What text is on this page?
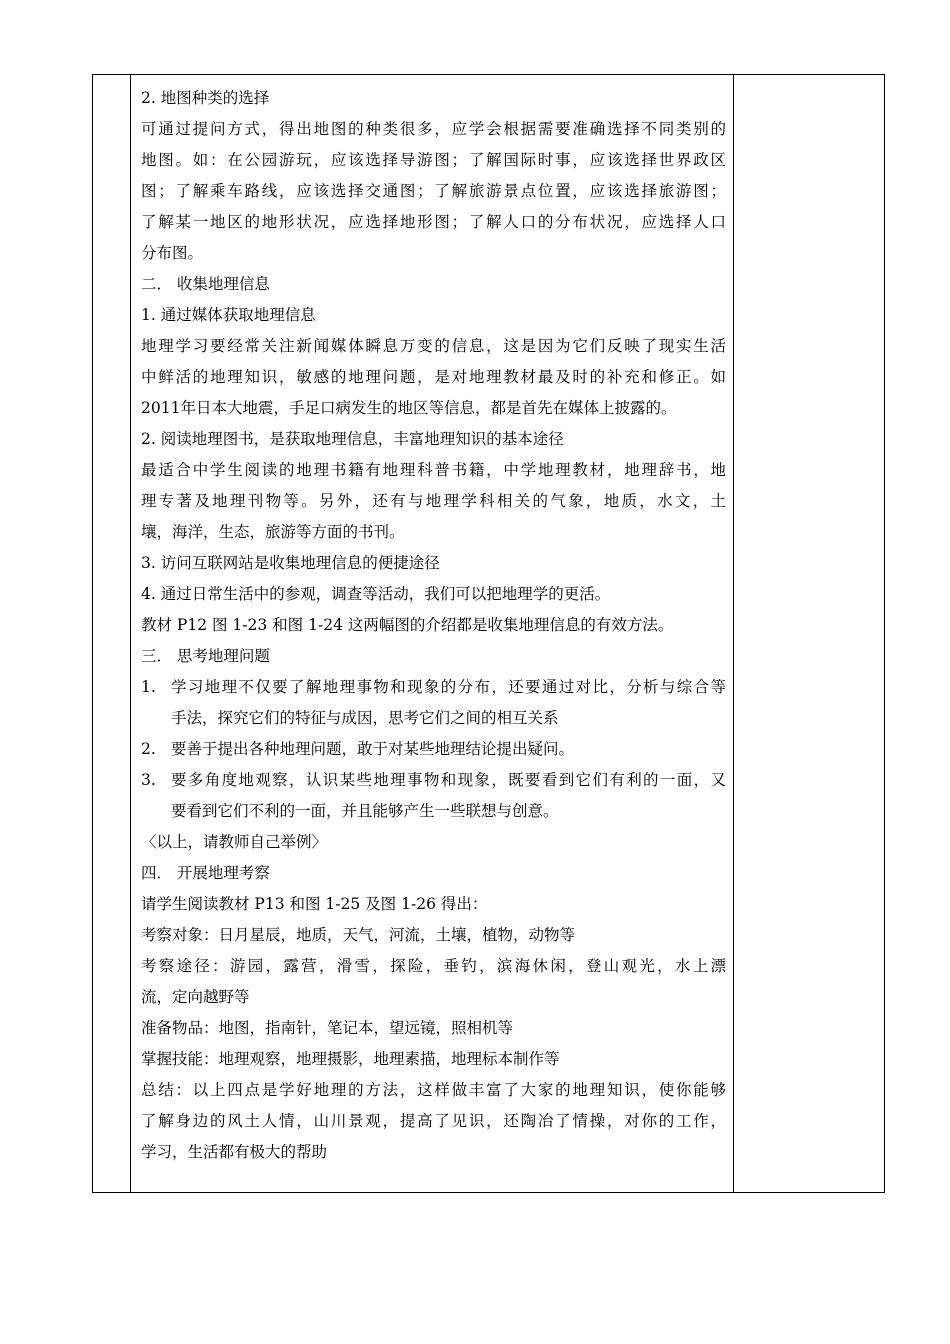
2. 地图种类的选择
可通过提问方式，得出地图的种类很多，应学会根据需要准确选择不同类别的
地图。如：在公园游玩，应该选择导游图；了解国际时事，应该选择世界政区
图；了解乘车路线，应该选择交通图；了解旅游景点位置，应该选择旅游图；
了解某一地区的地形状况，应选择地形图；了解人口的分布状况，应选择人口
分布图。
二． 收集地理信息
1. 通过媒体获取地理信息
地理学习要经常关注新闻媒体瞬息万变的信息，这是因为它们反映了现实生活
中鲜活的地理知识，敏感的地理问题，是对地理教材最及时的补充和修正。如
2011年日本大地震，手足口病发生的地区等信息，都是首先在媒体上披露的。
2. 阅读地理图书，是获取地理信息，丰富地理知识的基本途径
最适合中学生阅读的地理书籍有地理科普书籍，中学地理教材，地理辞书，地
理专著及地理刊物等。另外，还有与地理学科相关的气象，地质，水文，土
壤，海洋，生态，旅游等方面的书刊。
3. 访问互联网站是收集地理信息的便捷途径
4. 通过日常生活中的参观，调查等活动，我们可以把地理学的更活。
教材 P12 图 1-23 和图 1-24 这两幅图的介绍都是收集地理信息的有效方法。
三． 思考地理问题
1. 学习地理不仅要了解地理事物和现象的分布，还要通过对比，分析与综合等
手法，探究它们的特征与成因，思考它们之间的相互关系
2. 要善于提出各种地理问题，敢于对某些地理结论提出疑问。
3. 要多角度地观察，认识某些地理事物和现象，既要看到它们有利的一面，又
要看到它们不利的一面，并且能够产生一些联想与创意。
〈以上，请教师自己举例〉
四． 开展地理考察
请学生阅读教材 P13 和图 1-25 及图 1-26 得出：
考察对象：日月星辰，地质，天气，河流，土壤，植物，动物等
考察途径：游园，露营，滑雪，探险，垂钓，滨海休闲，登山观光，水上漂
流，定向越野等
准备物品：地图，指南针，笔记本，望远镜，照相机等
掌握技能：地理观察，地理摄影，地理素描，地理标本制作等
总结：以上四点是学好地理的方法，这样做丰富了大家的地理知识，使你能够
了解身边的风土人情，山川景观，提高了见识，还陶冶了情操，对你的工作，
学习，生活都有极大的帮助
